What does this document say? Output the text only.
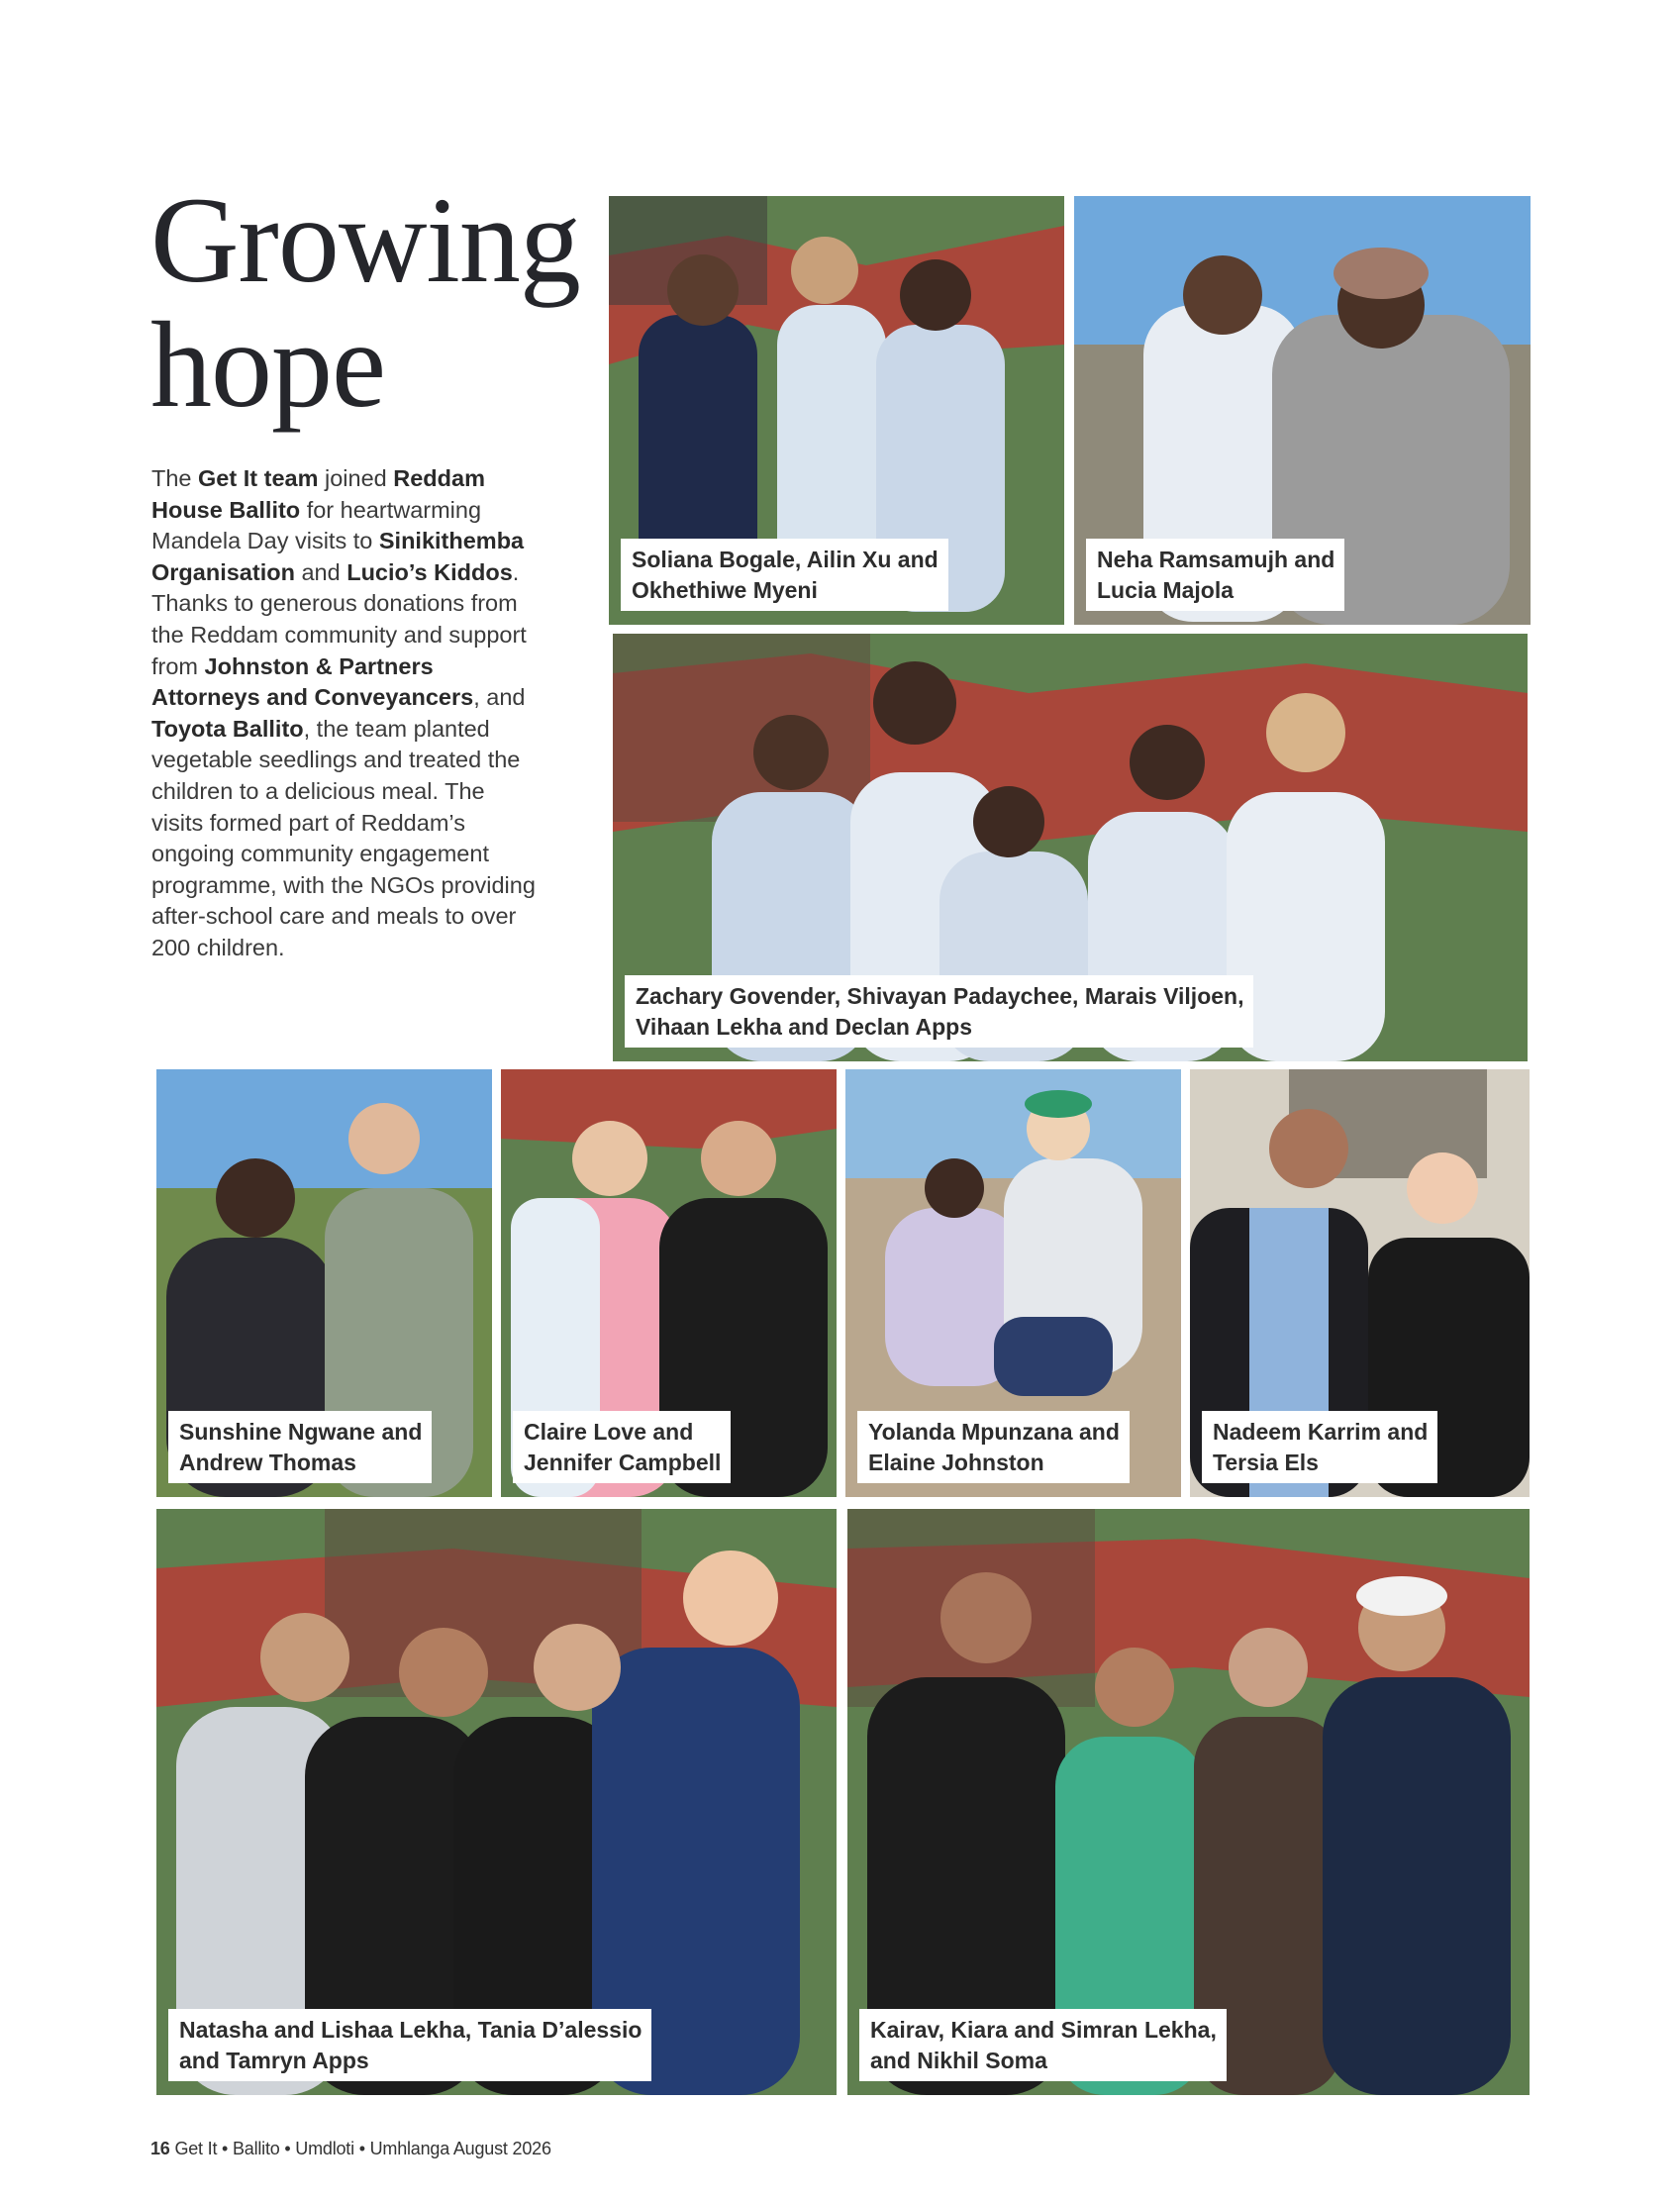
Growing
hope

The Get It team joined Reddam House Ballito for heartwarming Mandela Day visits to Sinikithemba Organisation and Lucio’s Kiddos. Thanks to generous donations from the Reddam community and support from Johnston & Partners Attorneys and Conveyancers, and Toyota Ballito, the team planted vegetable seedlings and treated the children to a delicious meal. The visits formed part of Reddam’s ongoing community engagement programme, with the NGOs providing after-school care and meals to over 200 children.

Soliana Bogale, Ailin Xu and
Okhethiwe Myeni
Neha Ramsamujh and
Lucia Majola
Zachary Govender, Shivayan Padaychee, Marais Viljoen,
Vihaan Lekha and Declan Apps
Sunshine Ngwane and
Andrew Thomas
Claire Love and
Jennifer Campbell
Yolanda Mpunzana and
Elaine Johnston
Nadeem Karrim and
Tersia Els
Natasha and Lishaa Lekha, Tania D’alessio
and Tamryn Apps
Kairav, Kiara and Simran Lekha,
and Nikhil Soma
16 Get It • Ballito • Umdloti • Umhlanga August 2026
